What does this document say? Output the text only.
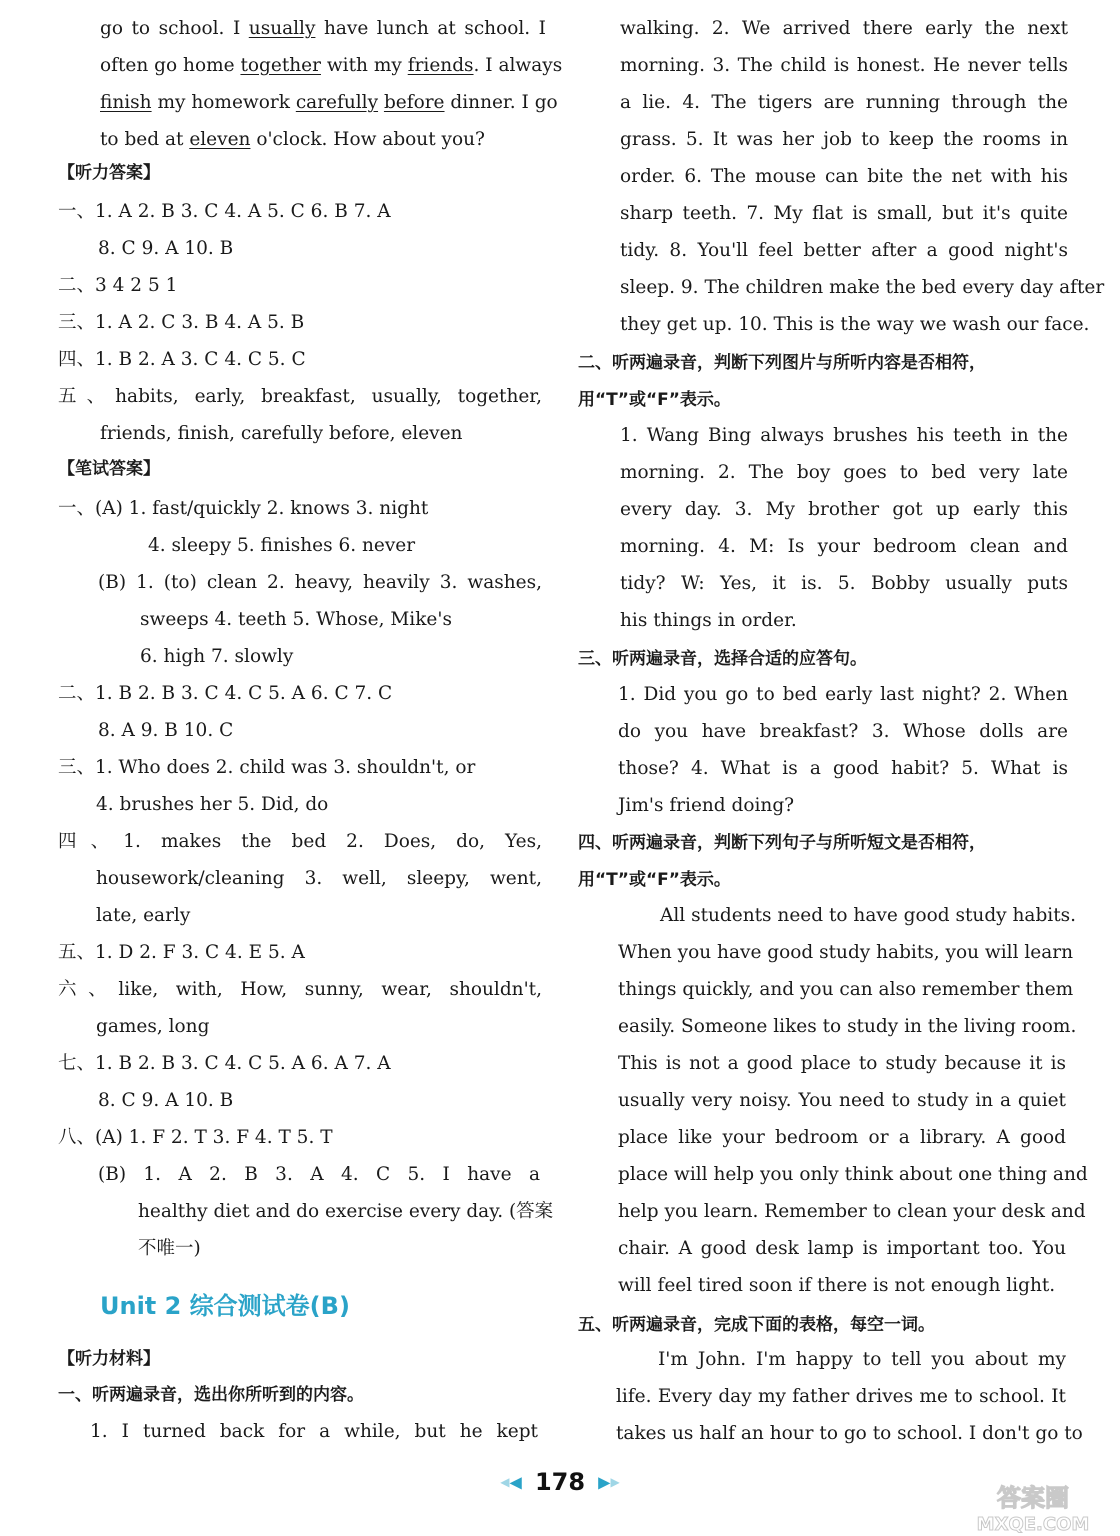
go to school. I usually have lunch at school. I
often go home together with my friends. I always
finish my homework carefully before dinner. I go
to bed at eleven o'clock. How about you?
【听力答案】
一、1. A 2. B 3. C 4. A 5. C 6. B 7. A
8. C 9. A 10. B
二、3 4 2 5 1
三、1. A 2. C 3. B 4. A 5. B
四、1. B 2. A 3. C 4. C 5. C
五、habits, early, breakfast, usually, together,
friends, finish, carefully before, eleven
【笔试答案】
一、(A) 1. fast/quickly 2. knows 3. night
4. sleepy 5. finishes 6. never
(B) 1. (to) clean 2. heavy, heavily 3. washes,
sweeps 4. teeth 5. Whose, Mike's
6. high 7. slowly
二、1. B 2. B 3. C 4. C 5. A 6. C 7. C
8. A 9. B 10. C
三、1. Who does 2. child was 3. shouldn't, or
4. brushes her 5. Did, do
四、1. makes the bed 2. Does, do, Yes,
housework/cleaning 3. well, sleepy, went,
late, early
五、1. D 2. F 3. C 4. E 5. A
六、like, with, How, sunny, wear, shouldn't,
games, long
七、1. B 2. B 3. C 4. C 5. A 6. A 7. A
8. C 9. A 10. B
八、(A) 1. F 2. T 3. F 4. T 5. T
(B) 1. A 2. B 3. A 4. C 5. I have a
healthy diet and do exercise every day. (答案
不唯一)
【听力材料】
一、听两遍录音，选出你所听到的内容。
1. I turned back for a while, but he kept
Unit 2 综合测试卷(B)
walking. 2. We arrived there early the next
morning. 3. The child is honest. He never tells
a lie. 4. The tigers are running through the
grass. 5. It was her job to keep the rooms in
order. 6. The mouse can bite the net with his
sharp teeth. 7. My flat is small, but it's quite
tidy. 8. You'll feel better after a good night's
sleep. 9. The children make the bed every day after
they get up. 10. This is the way we wash our face.
二、听两遍录音，判断下列图片与所听内容是否相符，
用“T”或“F”表示。
1. Wang Bing always brushes his teeth in the
morning. 2. The boy goes to bed very late
every day. 3. My brother got up early this
morning. 4. M: Is your bedroom clean and
tidy? W: Yes, it is. 5. Bobby usually puts
his things in order.
三、听两遍录音，选择合适的应答句。
1. Did you go to bed early last night? 2. When
do you have breakfast? 3. Whose dolls are
those? 4. What is a good habit? 5. What is
Jim's friend doing?
四、听两遍录音，判断下列句子与所听短文是否相符，
用“T”或“F”表示。
All students need to have good study habits.
When you have good study habits, you will learn
things quickly, and you can also remember them
easily. Someone likes to study in the living room.
This is not a good place to study because it is
usually very noisy. You need to study in a quiet
place like your bedroom or a library. A good
place will help you only think about one thing and
help you learn. Remember to clean your desk and
chair. A good desk lamp is important too. You
will feel tired soon if there is not enough light.
五、听两遍录音，完成下面的表格，每空一词。
I'm John. I'm happy to tell you about my
life. Every day my father drives me to school. It
takes us half an hour to go to school. I don't go to
◀◀ 178 ▶▶
答案圈
MXQE.COM
